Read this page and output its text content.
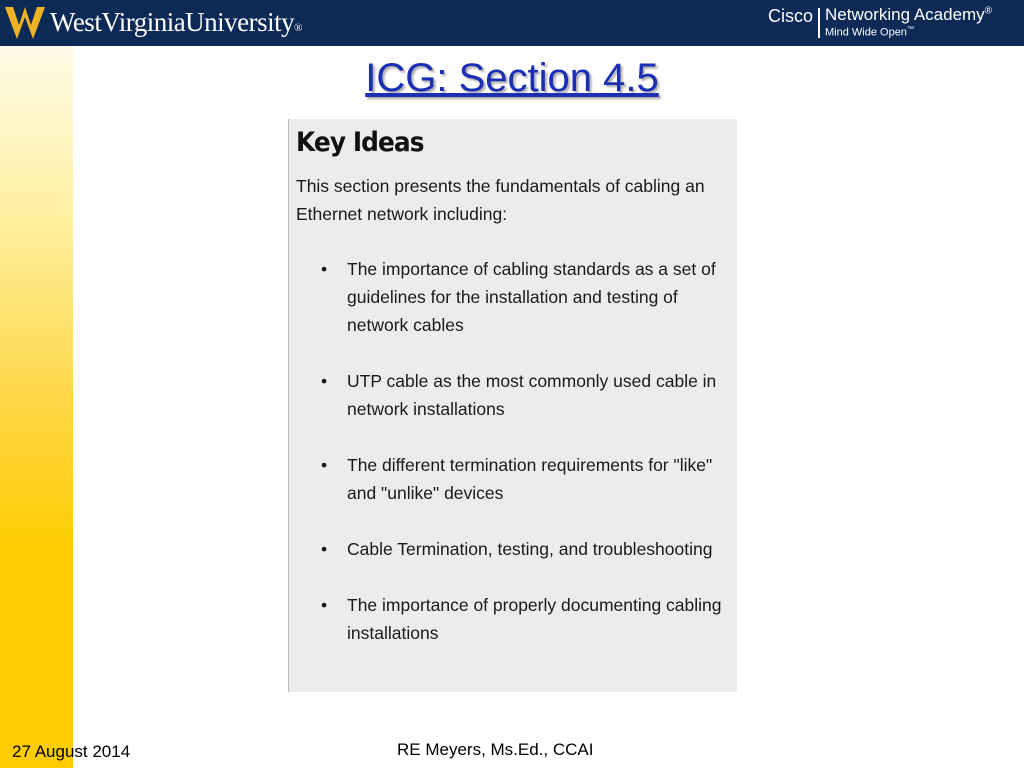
WestVirginiaUniversity®
Cisco Networking Academy®
Mind Wide Open™
ICG: Section 4.5
Key Ideas
This section presents the fundamentals of cabling an Ethernet network including:
• The importance of cabling standards as a set of guidelines for the installation and testing of network cables
• UTP cable as the most commonly used cable in network installations
• The different termination requirements for "like" and "unlike" devices
• Cable Termination, testing, and troubleshooting
• The importance of properly documenting cabling installations
27 August 2014	RE Meyers, Ms.Ed., CCAI
